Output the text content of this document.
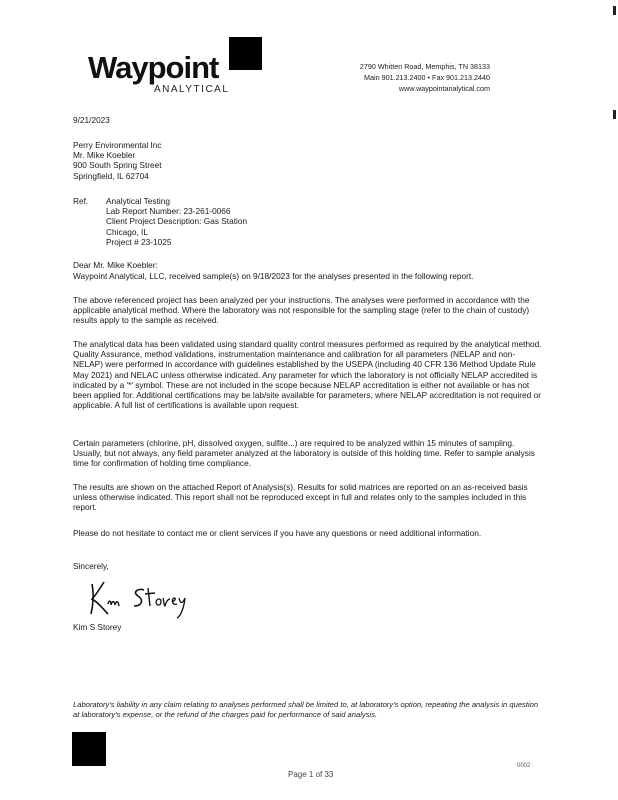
Waypoint
ANALYTICAL
2790 Whitten Road, Memphis, TN 38133
Main 901.213.2400 • Fax 901.213.2440
www.waypointanalytical.com
9/21/2023
Perry Environmental Inc
Mr. Mike Koebler
900 South Spring Street
Springfield, IL 62704
Ref. Analytical Testing
Lab Report Number: 23-261-0066
Client Project Description: Gas Station
Chicago, IL
Project # 23-1025
Dear Mr. Mike Koebler:
Waypoint Analytical, LLC, received sample(s) on 9/18/2023 for the analyses presented in the following report.
The above referenced project has been analyzed per your instructions. The analyses were performed in accordance with the applicable analytical method. Where the laboratory was not responsible for the sampling stage (refer to the chain of custody) results apply to the sample as received.
The analytical data has been validated using standard quality control measures performed as required by the analytical method. Quality Assurance, method validations, instrumentation maintenance and calibration for all parameters (NELAP and non-NELAP) were performed in accordance with guidelines established by the USEPA (including 40 CFR 136 Method Update Rule May 2021) and NELAC unless otherwise indicated. Any parameter for which the laboratory is not officially NELAP accredited is indicated by a '*' symbol. These are not included in the scope because NELAP accreditation is either not available or has not been applied for. Additional certifications may be lab/site available for parameters, where NELAP accreditation is not required or applicable. A full list of certifications is available upon request.
Certain parameters (chlorine, pH, dissolved oxygen, sulfite...) are required to be analyzed within 15 minutes of sampling. Usually, but not always, any field parameter analyzed at the laboratory is outside of this holding time. Refer to sample analysis time for confirmation of holding time compliance.
The results are shown on the attached Report of Analysis(s). Results for solid matrices are reported on an as-received basis unless otherwise indicated. This report shall not be reproduced except in full and relates only to the samples included in this report.
Please do not hesitate to contact me or client services if you have any questions or need additional information.
Sincerely,
Kim S Storey
Laboratory's liability in any claim relating to analyses performed shall be limited to, at laboratory's option, repeating the analysis in question at laboratory's expense, or the refund of the charges paid for performance of said analysis.
Page 1 of 33
0002
